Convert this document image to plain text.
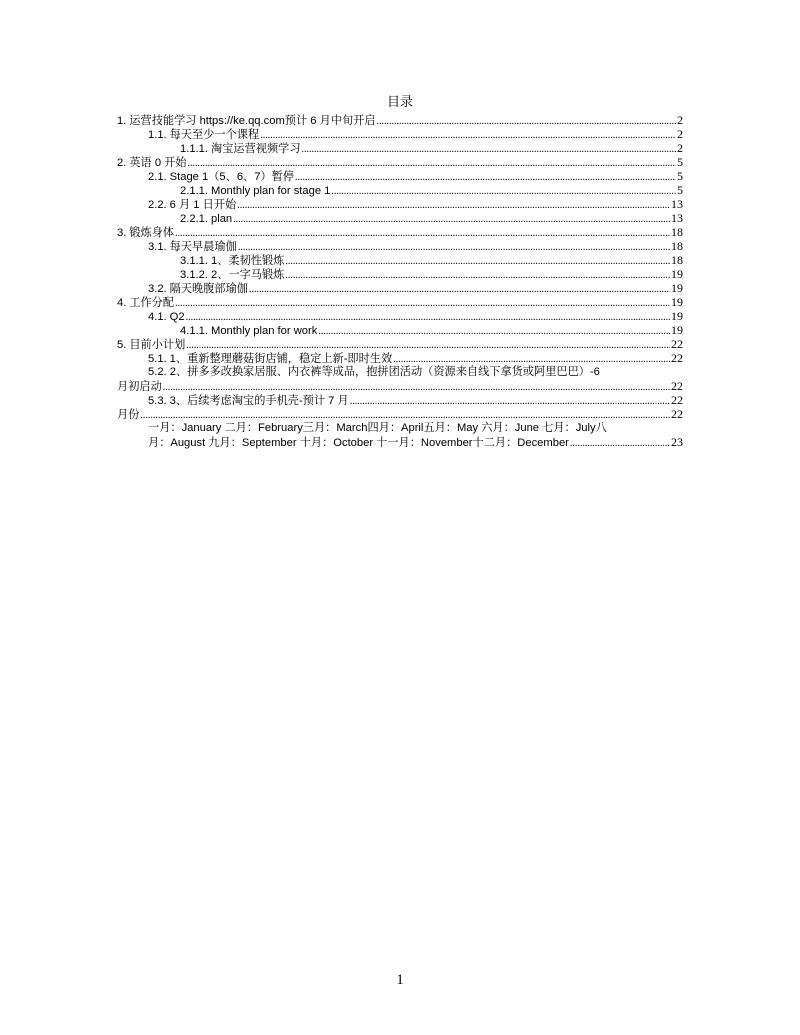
目录
1. 运营技能学习 https://ke.qq.com预计 6 月中旬开启 .....	2
1.1. 每天至少一个课程 .....	2
1.1.1. 淘宝运营视频学习 .....	2
2. 英语 0 开始 .....	5
2.1. Stage 1（5、6、7）暂停 .....	5
2.1.1. Monthly plan for stage 1 .....	5
2.2. 6 月 1 日开始 .....	13
2.2.1. plan .....	13
3. 锻炼身体 .....	18
3.1. 每天早晨瑜伽 .....	18
3.1.1. 1、柔韧性锻炼 .....	18
3.1.2. 2、一字马锻炼 .....	19
3.2. 隔天晚腹部瑜伽 .....	19
4. 工作分配 .....	19
4.1. Q2 .....	19
4.1.1. Monthly plan for work .....	19
5. 目前小计划 .....	22
5.1. 1、重新整理蘑菇街店铺，稳定上新-即时生效 .....	22
5.2. 2、拼多多改换家居服、内衣裤等成品，抱拼团活动（资源来自线下拿货或阿里巴巴）-6
月初启动 .....	22
5.3. 3、后续考虑淘宝的手机壳-预计 7 月 .....	22
月份 .....	22
一月：January 二月：February三月：March四月：April五月：May 六月：June 七月：July八
月：August 九月：September 十月：October 十一月：November十二月：December .....	23
1
